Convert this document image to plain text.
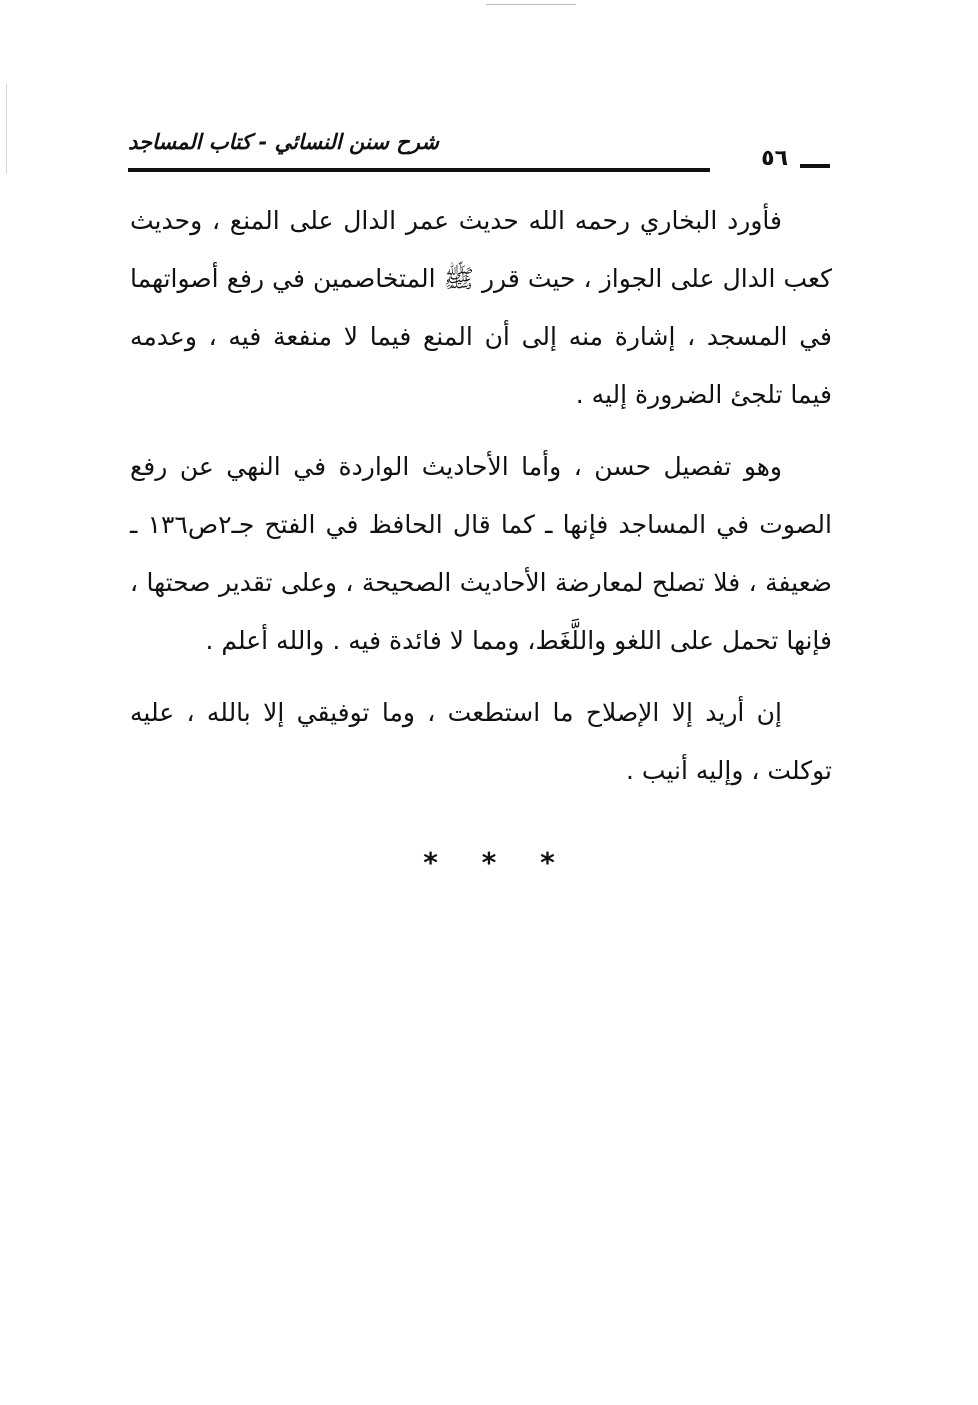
شرح سنن النسائي - كتاب المساجد
٥٦

فأورد البخاري رحمه الله حديث عمر الدال على المنع ، وحديث كعب الدال على الجواز ، حيث قرر ﷺ المتخاصمين في رفع أصواتهما في المسجد ، إشارة منه إلى أن المنع فيما لا منفعة فيه ، وعدمه فيما تلجئ الضرورة إليه .

وهو تفصيل حسن ، وأما الأحاديث الواردة في النهي عن رفع الصوت في المساجد فإنها ـ كما قال الحافظ في الفتح جـ٢ص١٣٦ ـ ضعيفة ، فلا تصلح لمعارضة الأحاديث الصحيحة ، وعلى تقدير صحتها ، فإنها تحمل على اللغو واللَّغَط، ومما لا فائدة فيه . والله أعلم .

إن أريد إلا الإصلاح ما استطعت ، وما توفيقي إلا بالله ، عليه توكلت ، وإليه أنيب .

* * *
